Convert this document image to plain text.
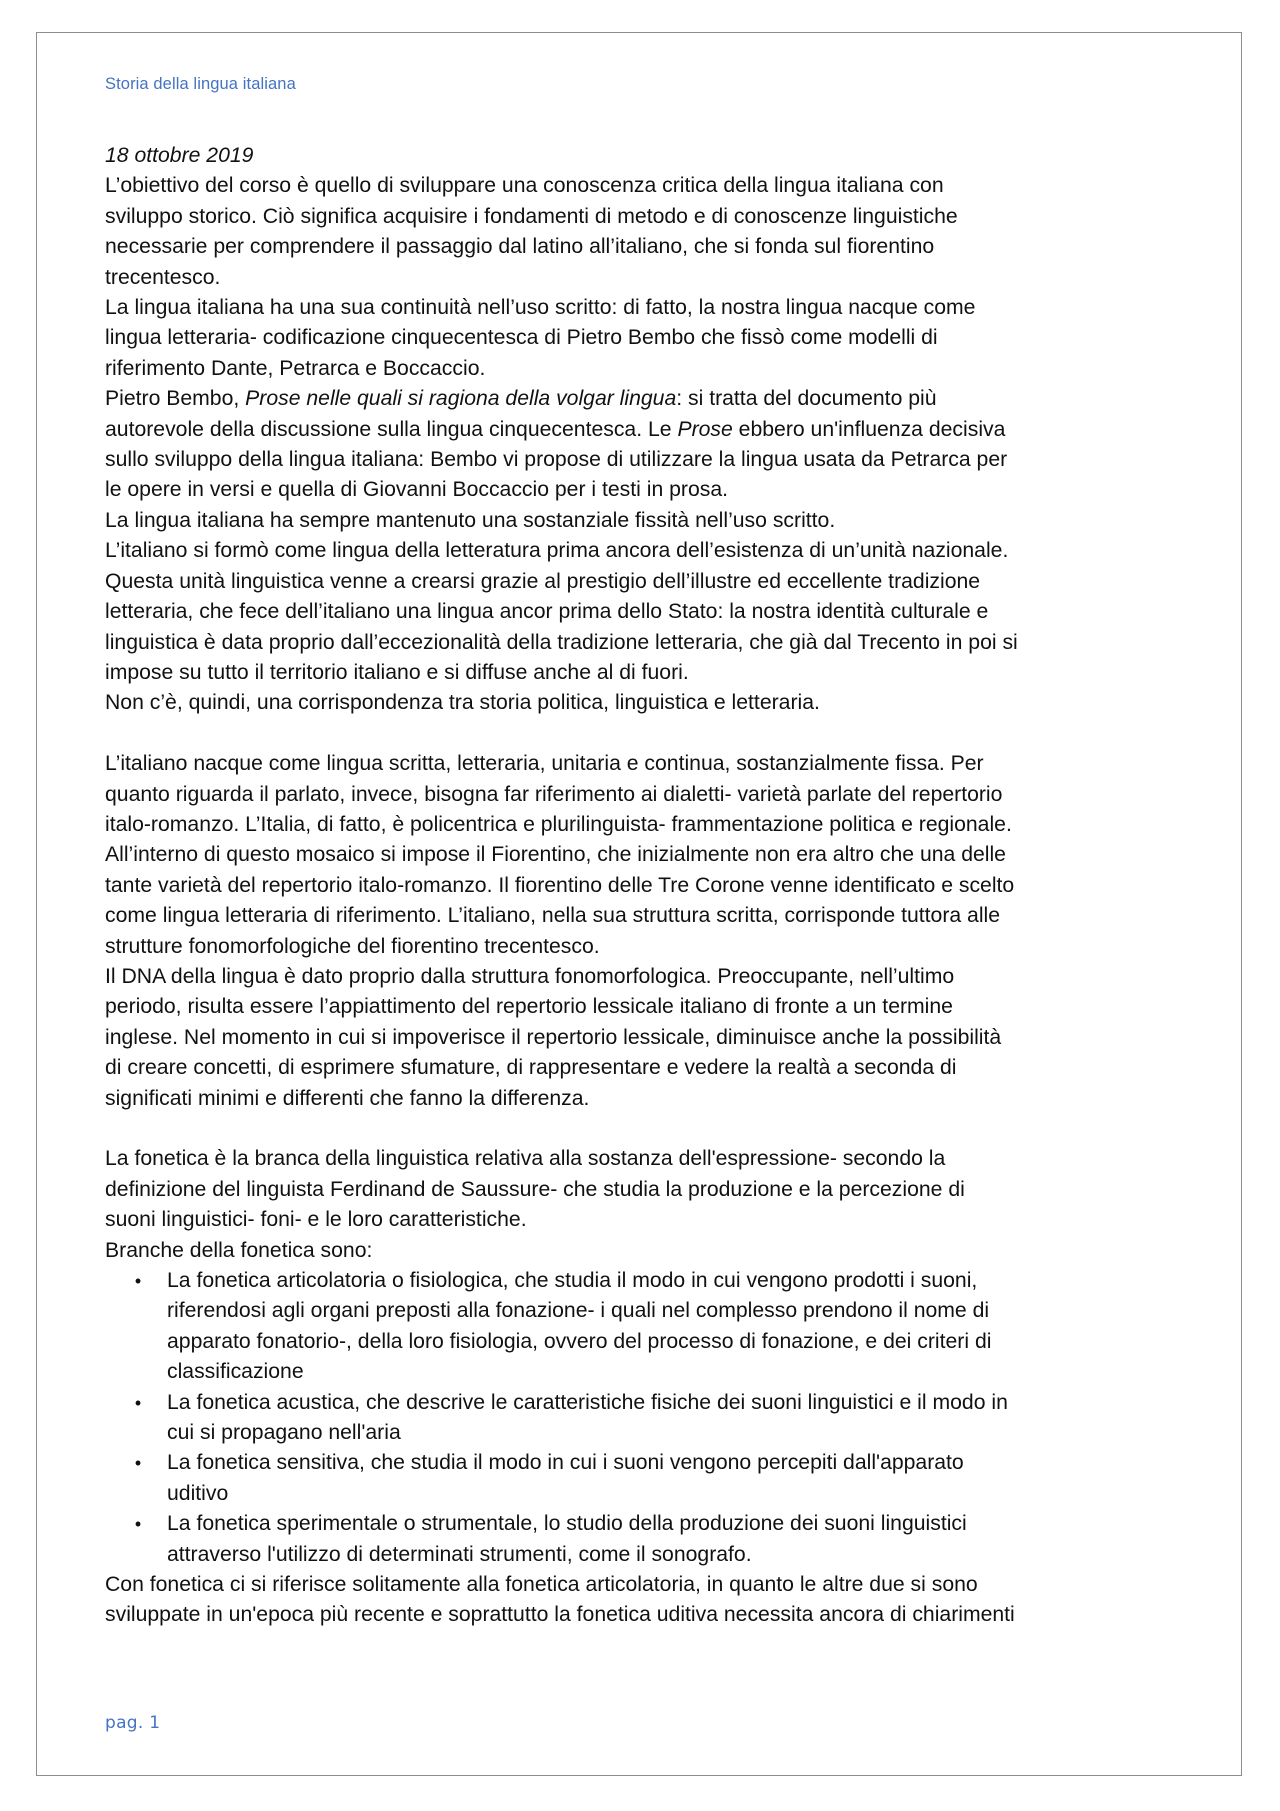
Storia della lingua italiana

18 ottobre 2019

L’obiettivo del corso è quello di sviluppare una conoscenza critica della lingua italiana con sviluppo storico. Ciò significa acquisire i fondamenti di metodo e di conoscenze linguistiche necessarie per comprendere il passaggio dal latino all’italiano, che si fonda sul fiorentino trecentesco.

La lingua italiana ha una sua continuità nell’uso scritto: di fatto, la nostra lingua nacque come lingua letteraria- codificazione cinquecentesca di Pietro Bembo che fissò come modelli di riferimento Dante, Petrarca e Boccaccio.

Pietro Bembo, Prose nelle quali si ragiona della volgar lingua: si tratta del documento più autorevole della discussione sulla lingua cinquecentesca. Le Prose ebbero un'influenza decisiva sullo sviluppo della lingua italiana: Bembo vi propose di utilizzare la lingua usata da Petrarca per le opere in versi e quella di Giovanni Boccaccio per i testi in prosa.

La lingua italiana ha sempre mantenuto una sostanziale fissità nell’uso scritto.

L’italiano si formò come lingua della letteratura prima ancora dell’esistenza di un’unità nazionale. Questa unità linguistica venne a crearsi grazie al prestigio dell’illustre ed eccellente tradizione letteraria, che fece dell’italiano una lingua ancor prima dello Stato: la nostra identità culturale e linguistica è data proprio dall’eccezionalità della tradizione letteraria, che già dal Trecento in poi si impose su tutto il territorio italiano e si diffuse anche al di fuori.

Non c’è, quindi, una corrispondenza tra storia politica, linguistica e letteraria.

L’italiano nacque come lingua scritta, letteraria, unitaria e continua, sostanzialmente fissa. Per quanto riguarda il parlato, invece, bisogna far riferimento ai dialetti- varietà parlate del repertorio italo-romanzo. L’Italia, di fatto, è policentrica e plurilinguista- frammentazione politica e regionale. All’interno di questo mosaico si impose il Fiorentino, che inizialmente non era altro che una delle tante varietà del repertorio italo-romanzo. Il fiorentino delle Tre Corone venne identificato e scelto come lingua letteraria di riferimento. L’italiano, nella sua struttura scritta, corrisponde tuttora alle strutture fonomorfologiche del fiorentino trecentesco.

Il DNA della lingua è dato proprio dalla struttura fonomorfologica. Preoccupante, nell’ultimo periodo, risulta essere l’appiattimento del repertorio lessicale italiano di fronte a un termine inglese. Nel momento in cui si impoverisce il repertorio lessicale, diminuisce anche la possibilità di creare concetti, di esprimere sfumature, di rappresentare e vedere la realtà a seconda di significati minimi e differenti che fanno la differenza.

La fonetica è la branca della linguistica relativa alla sostanza dell'espressione- secondo la definizione del linguista Ferdinand de Saussure- che studia la produzione e la percezione di suoni linguistici- foni- e le loro caratteristiche.

Branche della fonetica sono:

• La fonetica articolatoria o fisiologica, che studia il modo in cui vengono prodotti i suoni, riferendosi agli organi preposti alla fonazione- i quali nel complesso prendono il nome di apparato fonatorio-, della loro fisiologia, ovvero del processo di fonazione, e dei criteri di classificazione
• La fonetica acustica, che descrive le caratteristiche fisiche dei suoni linguistici e il modo in cui si propagano nell'aria
• La fonetica sensitiva, che studia il modo in cui i suoni vengono percepiti dall'apparato uditivo
• La fonetica sperimentale o strumentale, lo studio della produzione dei suoni linguistici attraverso l'utilizzo di determinati strumenti, come il sonografo.

Con fonetica ci si riferisce solitamente alla fonetica articolatoria, in quanto le altre due si sono sviluppate in un'epoca più recente e soprattutto la fonetica uditiva necessita ancora di chiarimenti

pag. 1
